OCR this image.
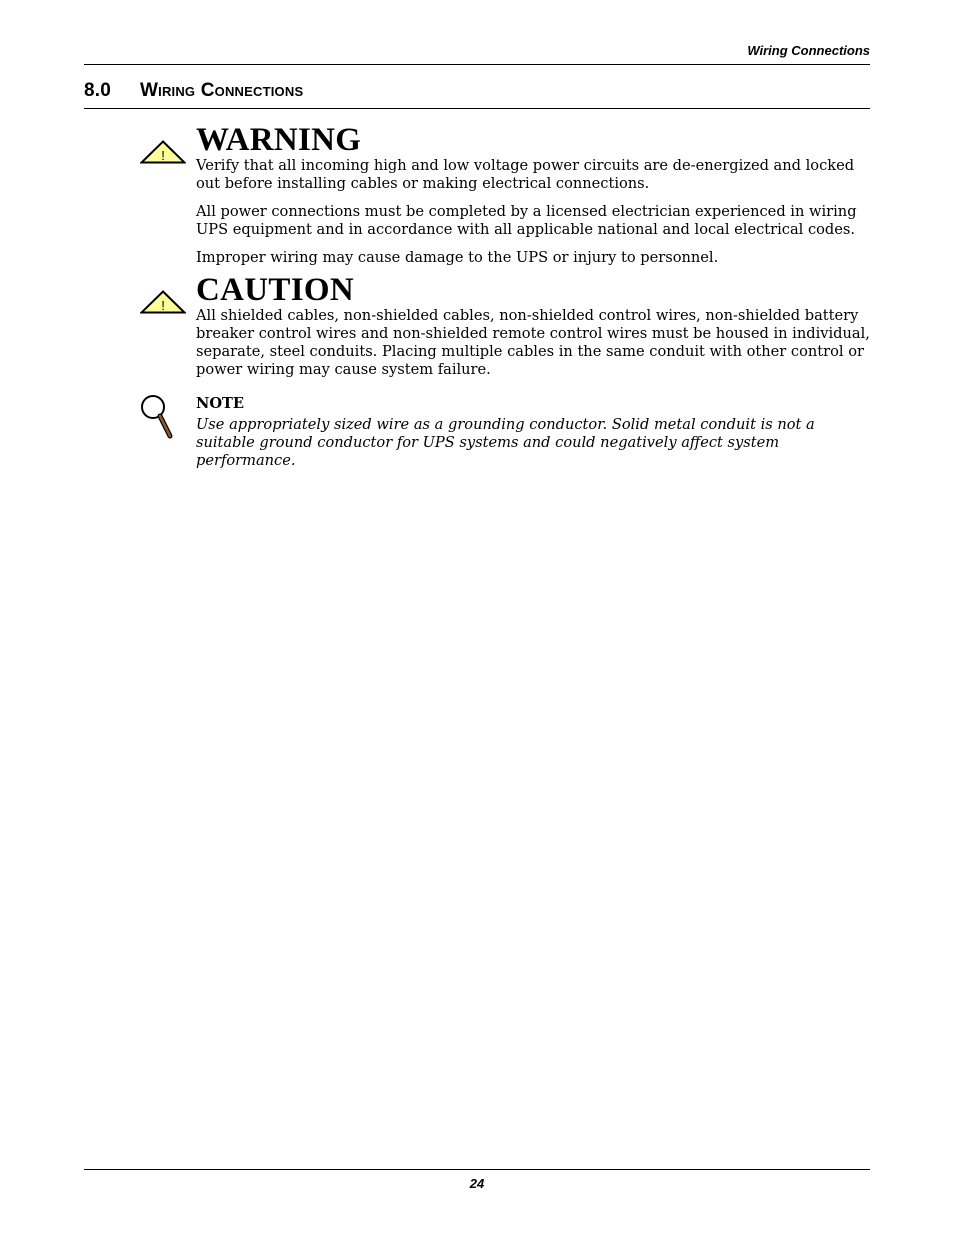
Wiring Connections
8.0 Wiring Connections
! WARNING

Verify that all incoming high and low voltage power circuits are de-energized and locked out before installing cables or making electrical connections.

All power connections must be completed by a licensed electrician experienced in wiring UPS equipment and in accordance with all applicable national and local electrical codes.

Improper wiring may cause damage to the UPS or injury to personnel.

! CAUTION

All shielded cables, non-shielded cables, non-shielded control wires, non-shielded battery breaker control wires and non-shielded remote control wires must be housed in individual, separate, steel conduits. Placing multiple cables in the same conduit with other control or power wiring may cause system failure.

NOTE

Use appropriately sized wire as a grounding conductor. Solid metal conduit is not a suitable ground conductor for UPS systems and could negatively affect system performance.

24
